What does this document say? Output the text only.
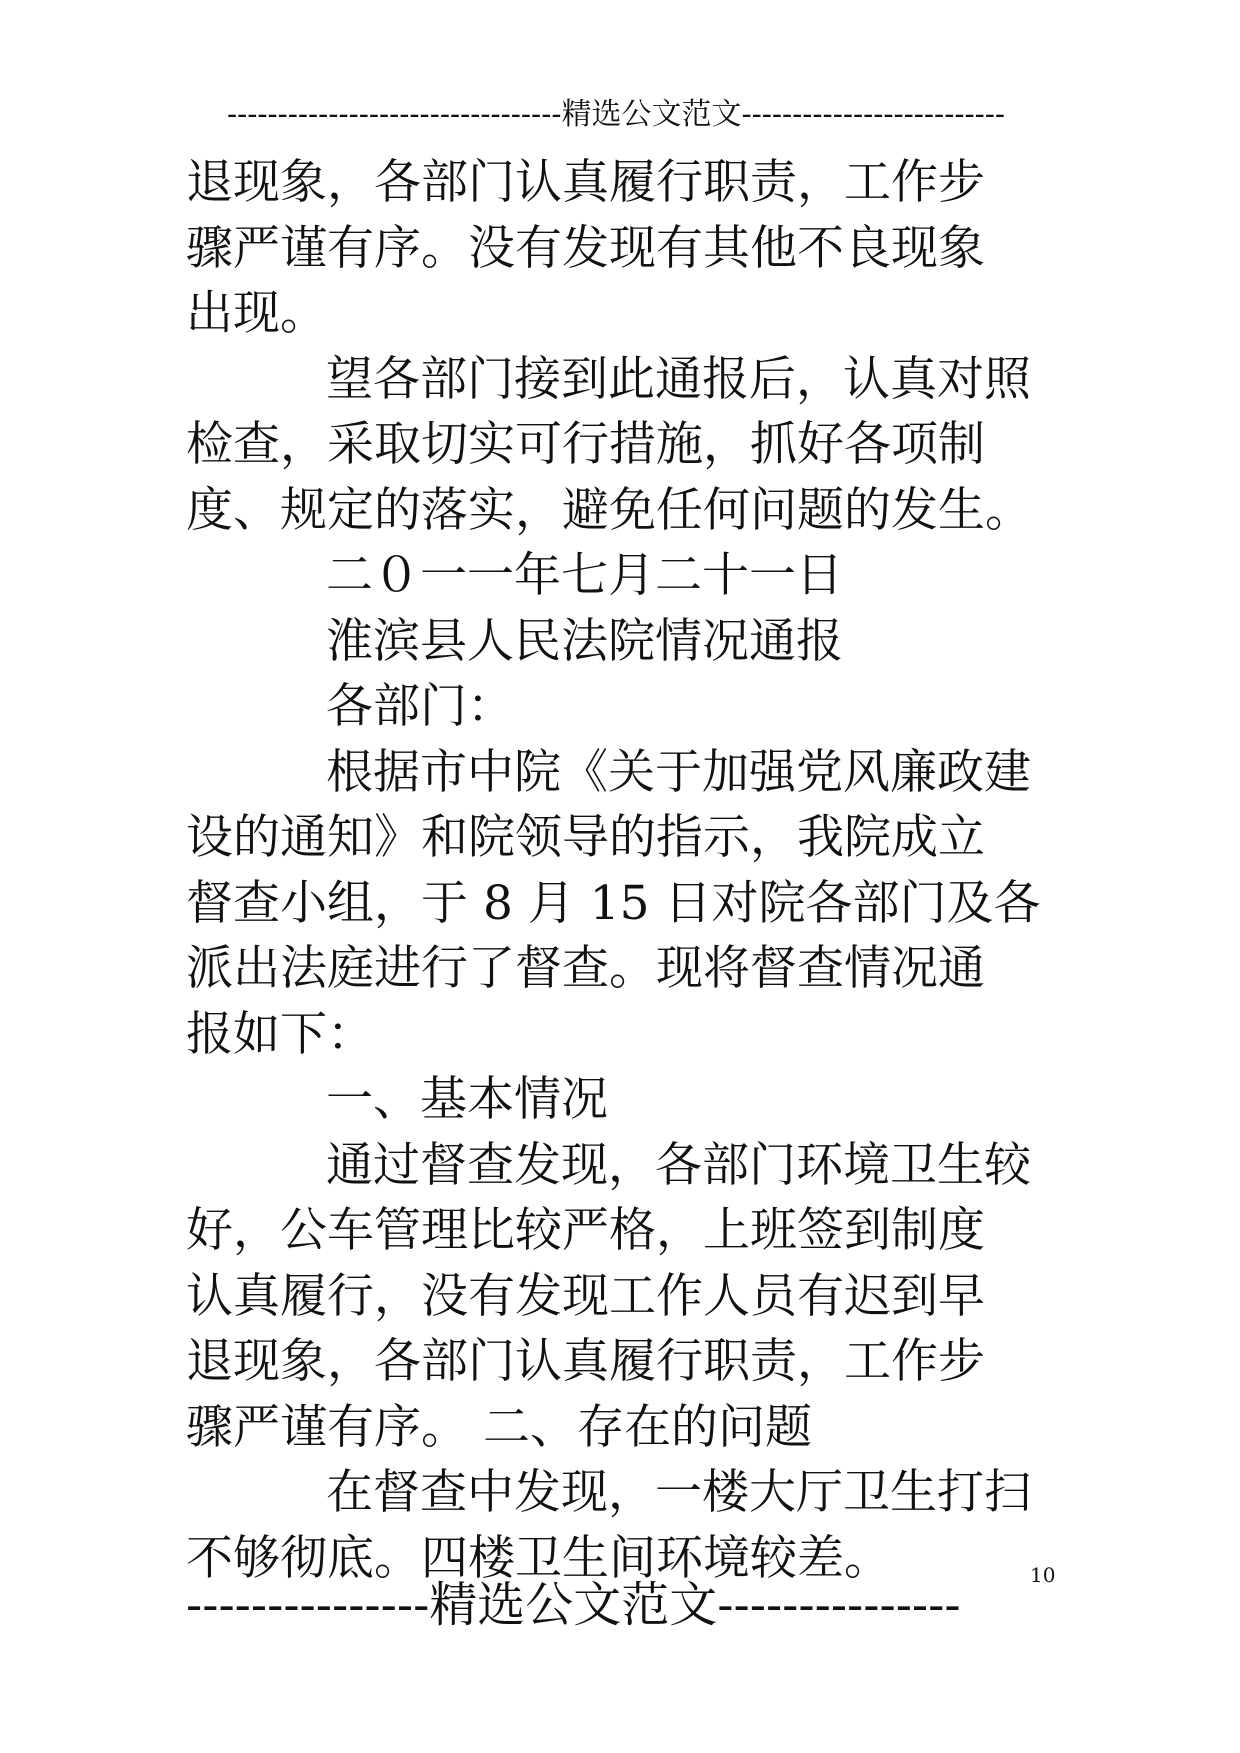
---------------------------------精选公文范文--------------------------
退现象，各部门认真履行职责，工作步
骤严谨有序。没有发现有其他不良现象
出现。
望各部门接到此通报后，认真对照
检查，采取切实可行措施，抓好各项制
度、规定的落实，避免任何问题的发生。
二０一一年七月二十一日
淮滨县人民法院情况通报
各部门：
根据市中院《关于加强党风廉政建
设的通知》和院领导的指示，我院成立
督查小组，于 8 月 15 日对院各部门及各
派出法庭进行了督查。现将督查情况通
报如下：
一、基本情况
通过督查发现，各部门环境卫生较
好，公车管理比较严格，上班签到制度
认真履行，没有发现工作人员有迟到早
退现象，各部门认真履行职责，工作步
骤严谨有序。 二、存在的问题
在督查中发现，一楼大厅卫生打扫
不够彻底。四楼卫生间环境较差。
---------------精选公文范文---------------
10
